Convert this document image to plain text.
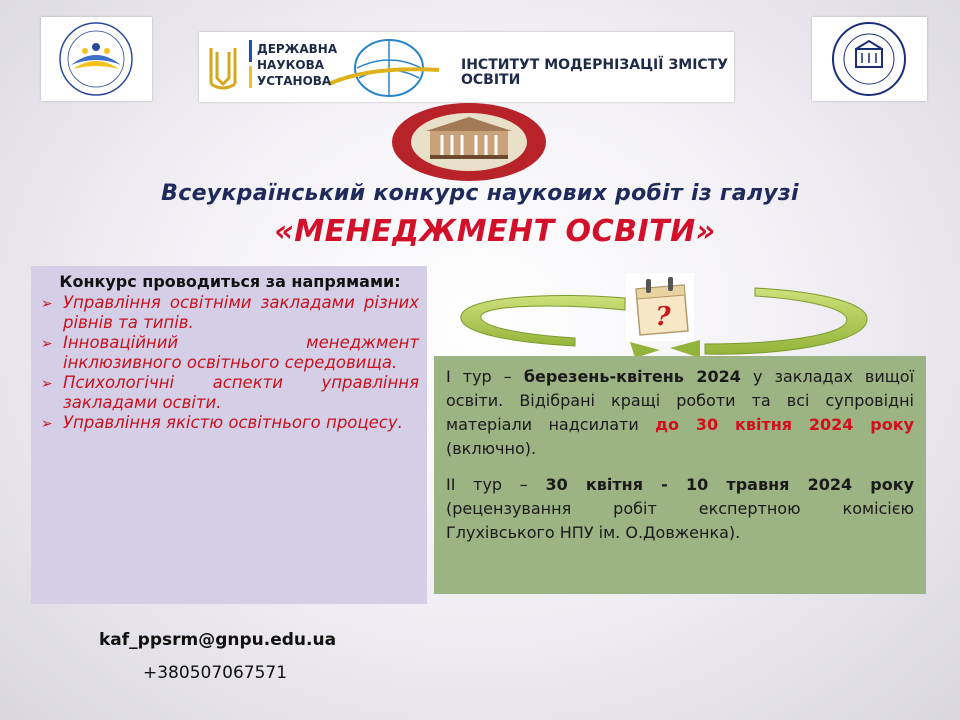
ДЕРЖАВНА
НАУКОВА
УСТАНОВА
ІНСТИТУТ МОДЕРНІЗАЦІЇ ЗМІСТУ ОСВІТИ
Всеукраїнський конкурс наукових робіт із галузі
«МЕНЕДЖМЕНТ ОСВІТИ»
Конкурс проводиться за напрямами:
➢ Управління освітніми закладами різних рівнів та типів.
➢ Інноваційний менеджмент інклюзивного освітнього середовища.
➢ Психологічні аспекти управління закладами освіти.
➢ Управління якістю освітнього процесу.
?

І тур – березень-квітень 2024 у закладах вищої освіти. Відібрані кращі роботи та всі супровідні матеріали надсилати до 30 квітня 2024 року (включно).

ІІ тур – 30 квітня - 10 травня 2024 року (рецензування робіт експертною комісією Глухівського НПУ ім. О.Довженка).

kaf_ppsrm@gnpu.edu.ua
+380507067571
